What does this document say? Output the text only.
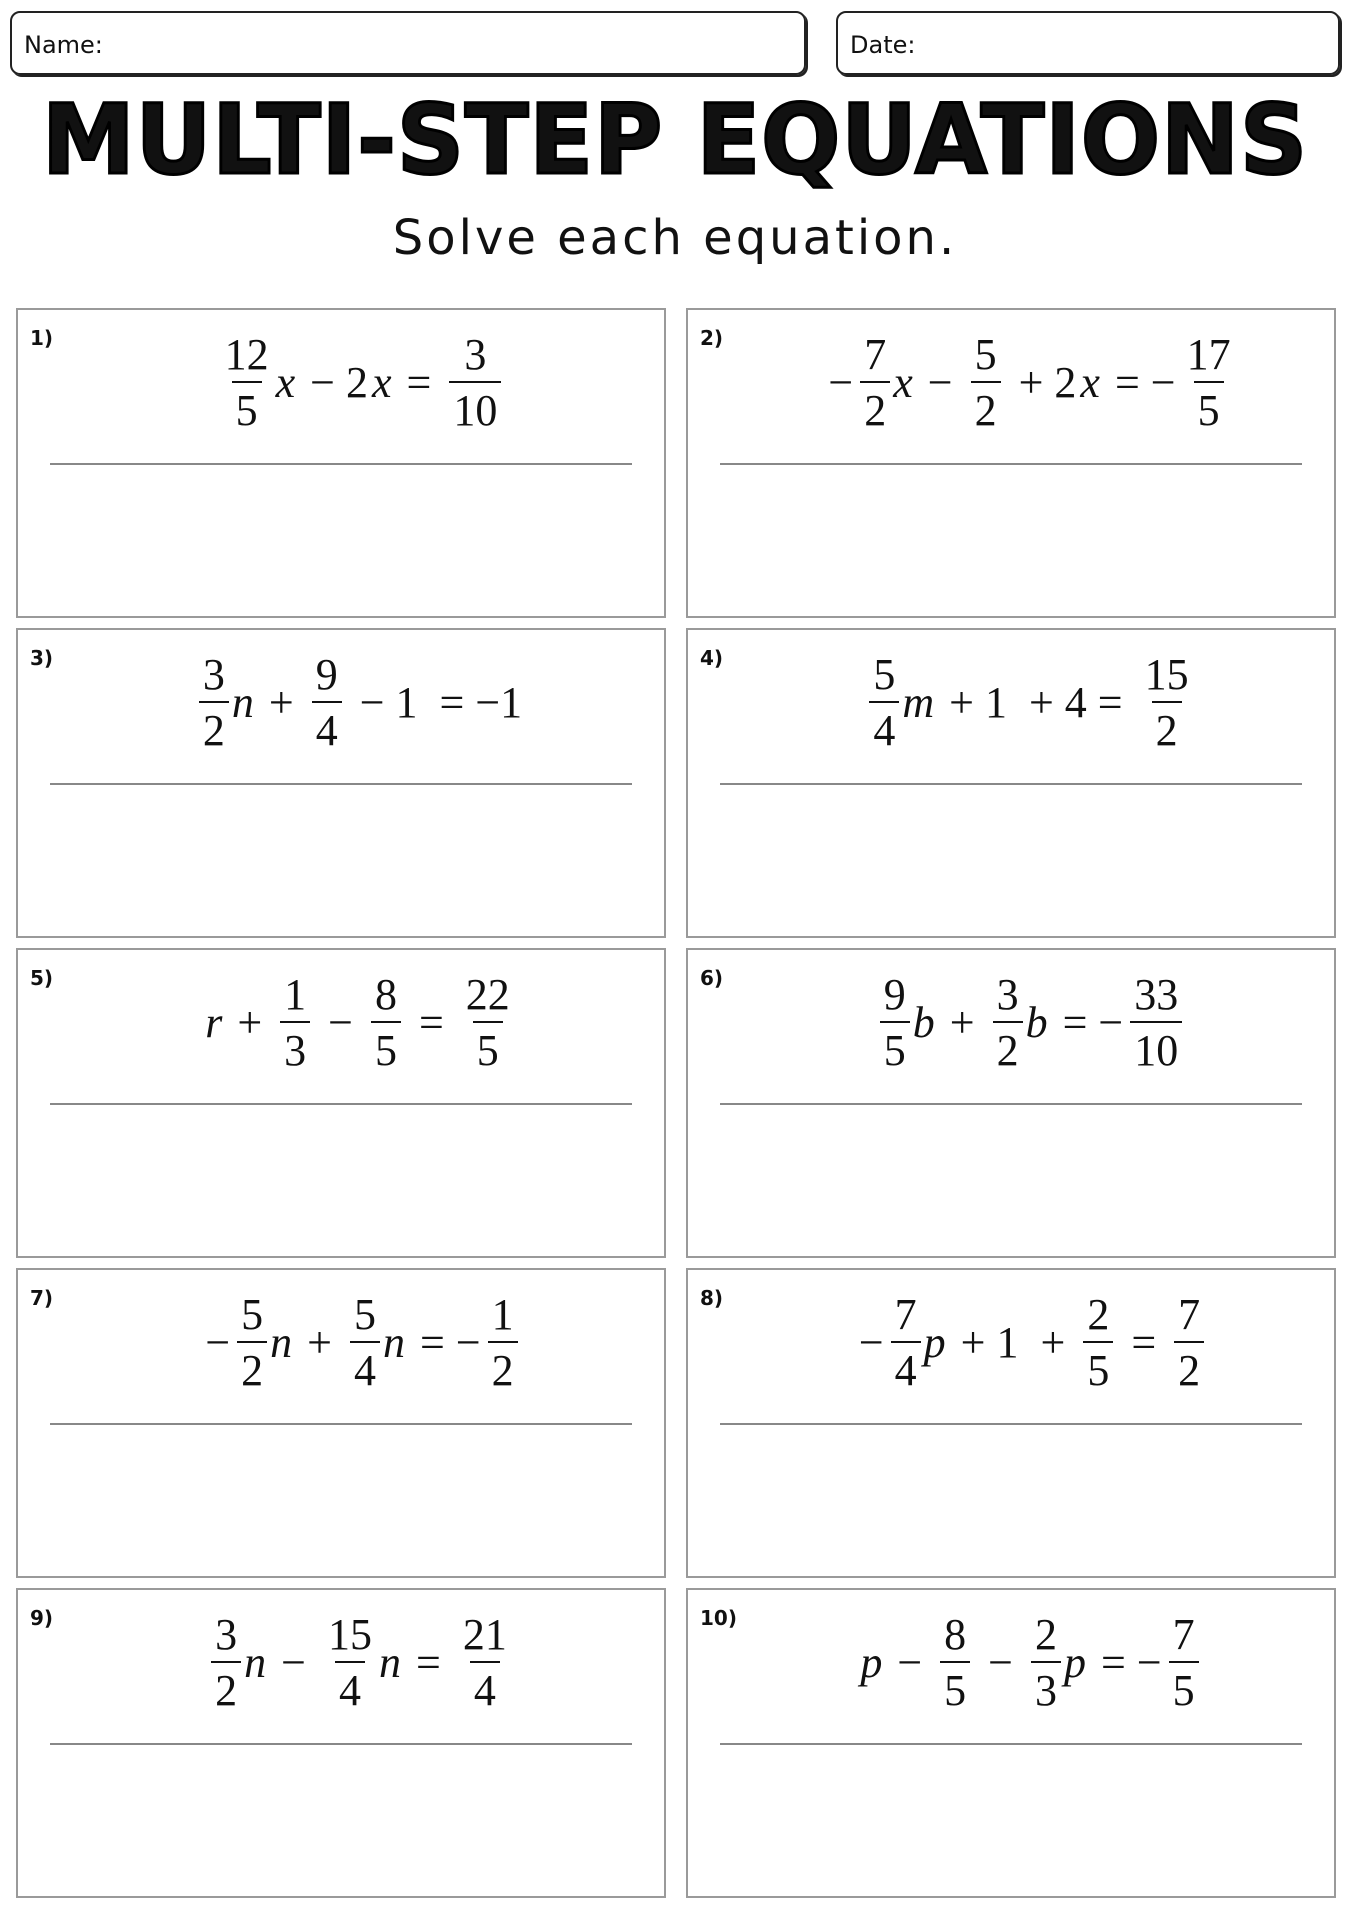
Name:	Date:
MULTI-STEP EQUATIONS

Solve each equation.

1)	$\frac{12}{5}$ x − 2 $x = \frac{3}{10}$	2)
− $\frac{7}{2}$ $x - \frac{5}{2} + 2$ x = − $\frac{17}{5}$
3)	$\frac{3}{2}$ $n + \frac{9}{4} - 1 = -1$
4)	$\frac{5}{4}$ $m + 1 + 4 = \frac{15}{2}$
5)
$r + \frac{1}{3} - \frac{8}{5} = \frac{22}{5}$	6)	$\frac{9}{5}$ $b + \frac{3}{2}$ b = − $\frac{33}{10}$
7)
− $\frac{5}{2}$ $n + \frac{5}{4}$ n = − $\frac{1}{2}$	8)
− $\frac{7}{4}$ $p + 1 + \frac{2}{5} = \frac{7}{2}$
9)	$\frac{3}{2}$ $n - \frac{15}{4}$ $n = \frac{21}{4}$	10)
$p - \frac{8}{5} - \frac{2}{3}$ p = − $\frac{7}{5}$
